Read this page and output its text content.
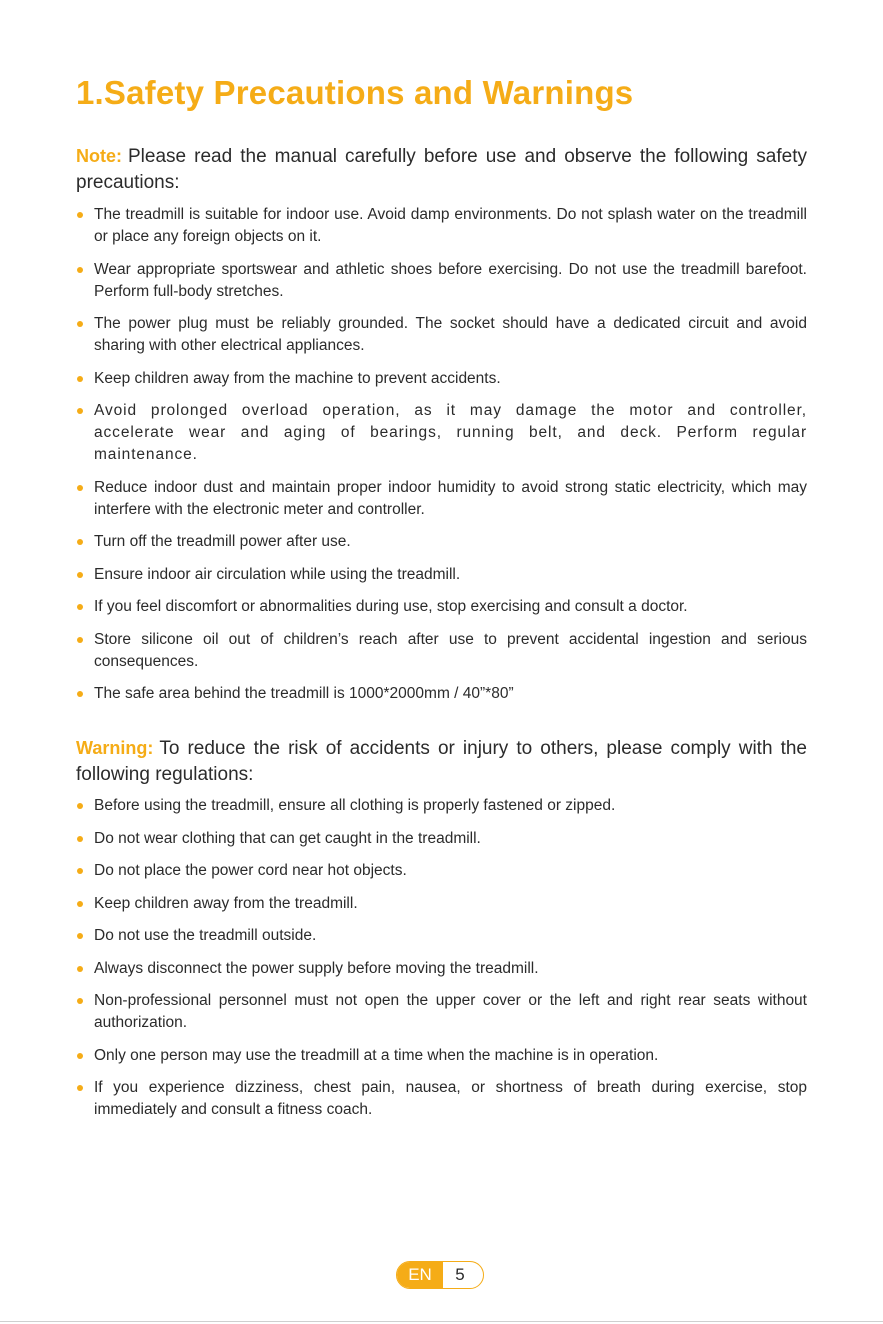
1.Safety Precautions and Warnings

Note: Please read the manual carefully before use and observe the following safety precautions:

The treadmill is suitable for indoor use. Avoid damp environments. Do not splash water on the treadmill or place any foreign objects on it.
Wear appropriate sportswear and athletic shoes before exercising. Do not use the treadmill barefoot. Perform full-body stretches.
The power plug must be reliably grounded. The socket should have a dedicated circuit and avoid sharing with other electrical appliances.
Keep children away from the machine to prevent accidents.
Avoid prolonged overload operation, as it may damage the motor and controller, accelerate wear and aging of bearings, running belt, and deck. Perform regular maintenance.
Reduce indoor dust and maintain proper indoor humidity to avoid strong static electricity, which may interfere with the electronic meter and controller.
Turn off the treadmill power after use.
Ensure indoor air circulation while using the treadmill.
If you feel discomfort or abnormalities during use, stop exercising and consult a doctor.
Store silicone oil out of children’s reach after use to prevent accidental ingestion and serious consequences.
The safe area behind the treadmill is 1000*2000mm / 40”*80”

Warning: To reduce the risk of accidents or injury to others, please comply with the following regulations:

Before using the treadmill, ensure all clothing is properly fastened or zipped.
Do not wear clothing that can get caught in the treadmill.
Do not place the power cord near hot objects.
Keep children away from the treadmill.
Do not use the treadmill outside.
Always disconnect the power supply before moving the treadmill.
Non-professional personnel must not open the upper cover or the left and right rear seats without authorization.
Only one person may use the treadmill at a time when the machine is in operation.
If you experience dizziness, chest pain, nausea, or shortness of breath during exercise, stop immediately and consult a fitness coach.
EN	5
